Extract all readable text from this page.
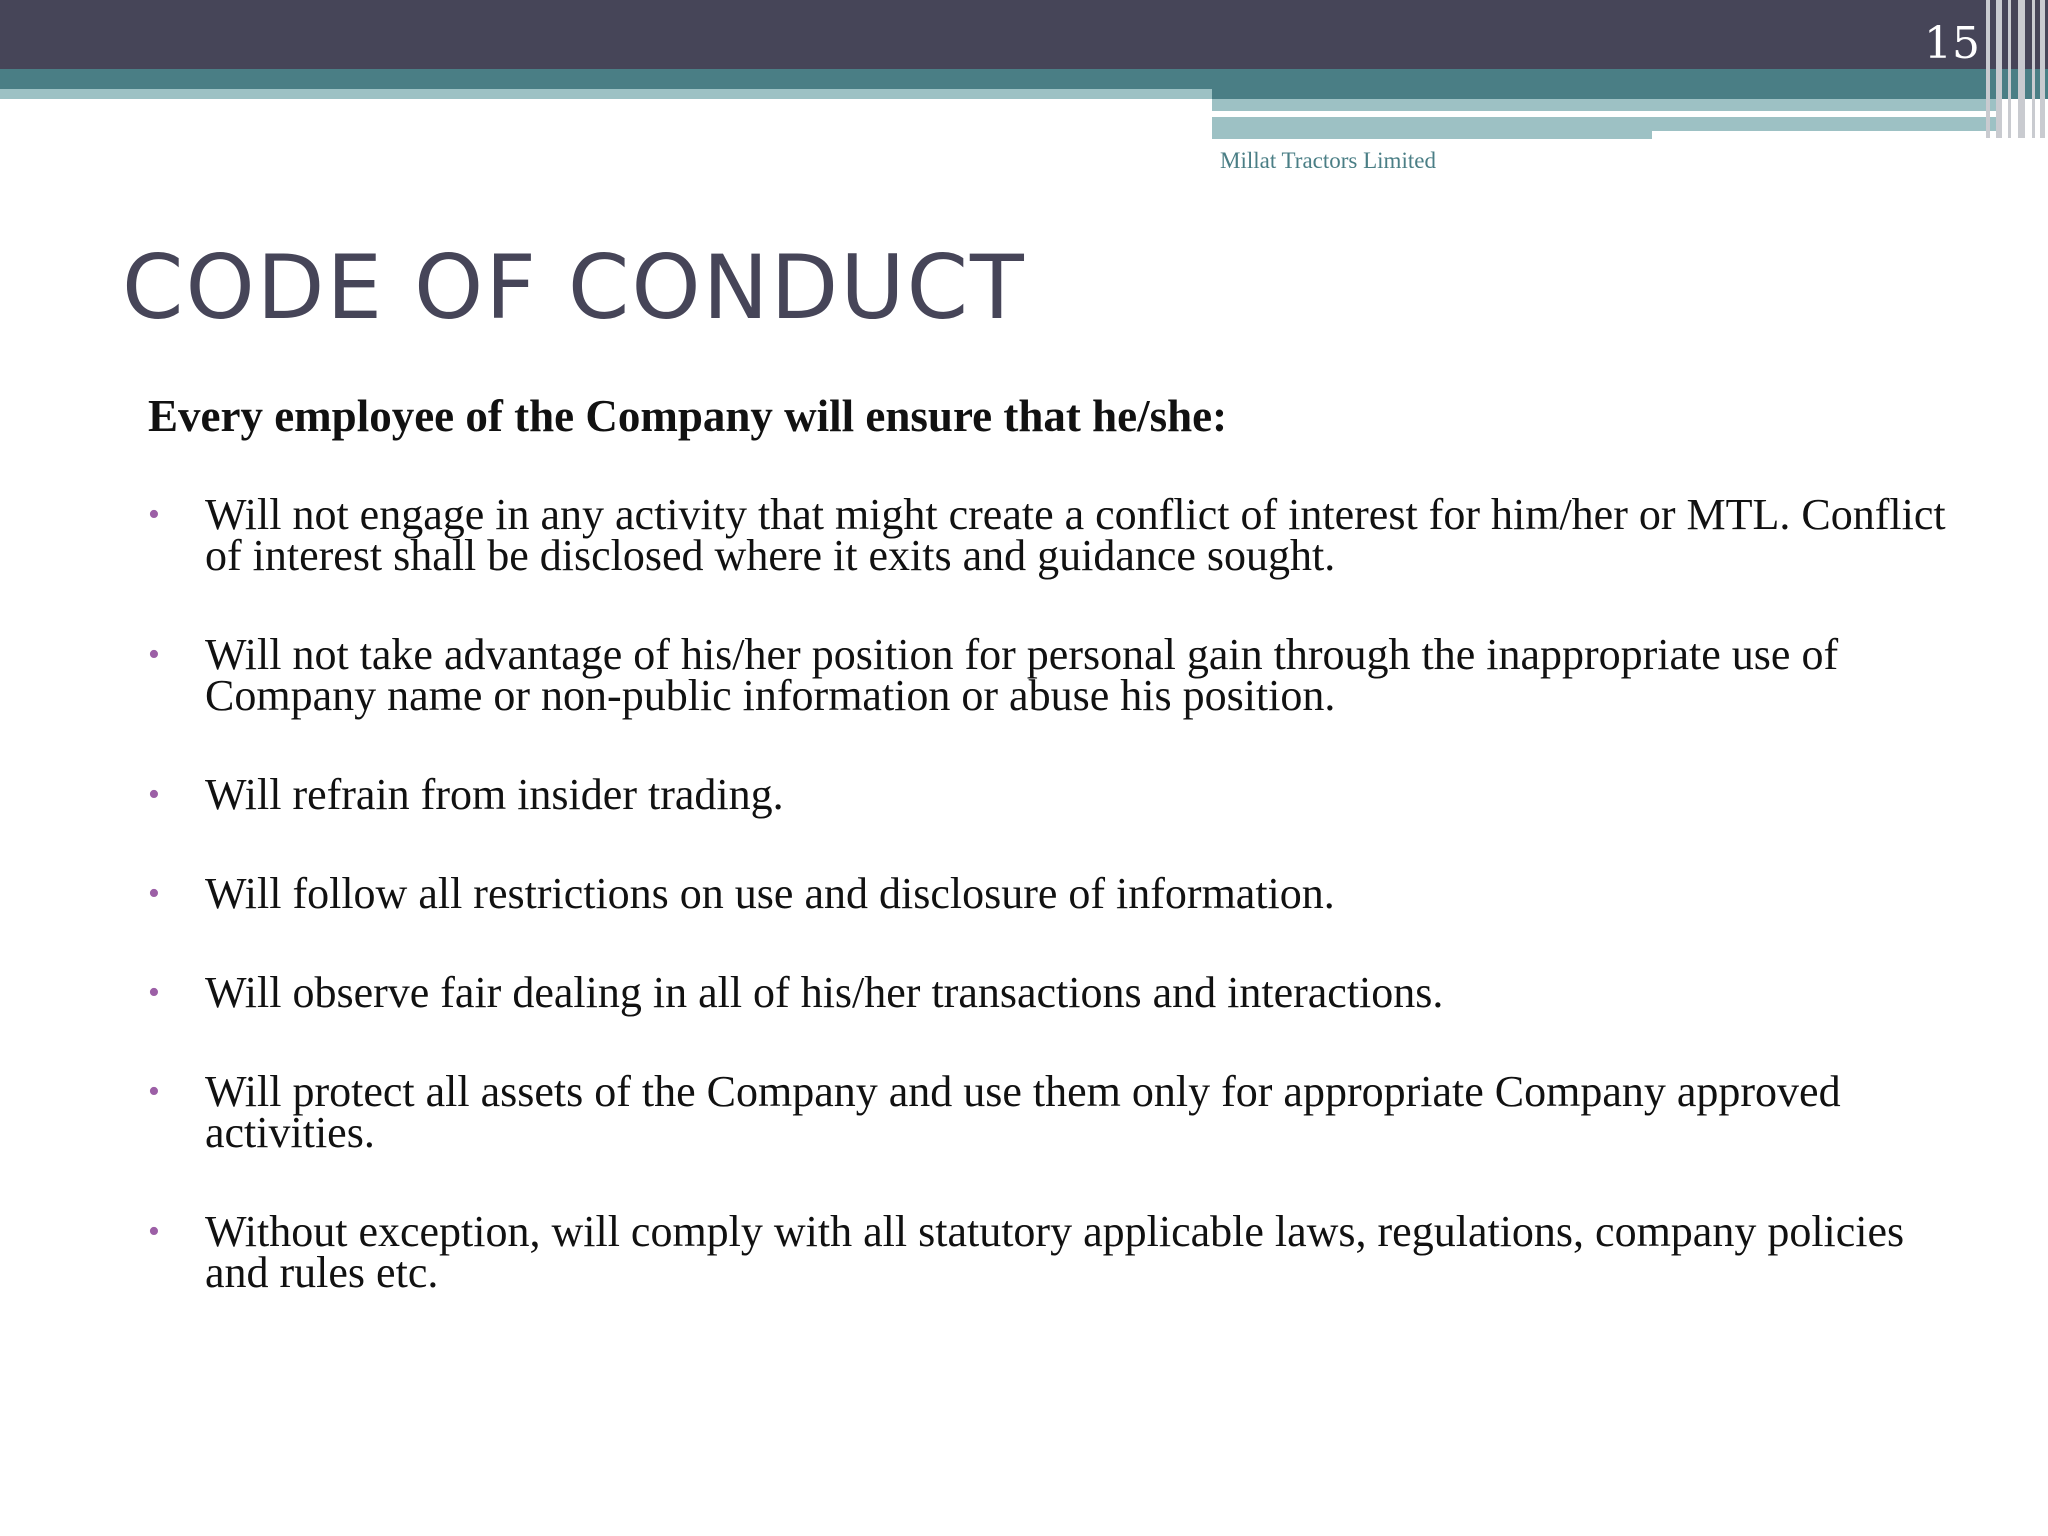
15
Millat Tractors Limited
CODE OF CONDUCT
Every employee of the Company will ensure that he/she:
• Will not engage in any activity that might create a conflict of interest for him/her or MTL. Conflict of interest shall be disclosed where it exits and guidance sought.
• Will not take advantage of his/her position for personal gain through the inappropriate use of Company name or non-public information or abuse his position.
• Will refrain from insider trading.
• Will follow all restrictions on use and disclosure of information.
• Will observe fair dealing in all of his/her transactions and interactions.
• Will protect all assets of the Company and use them only for appropriate Company approved activities.
• Without exception, will comply with all statutory applicable laws, regulations, company policies and rules etc.
